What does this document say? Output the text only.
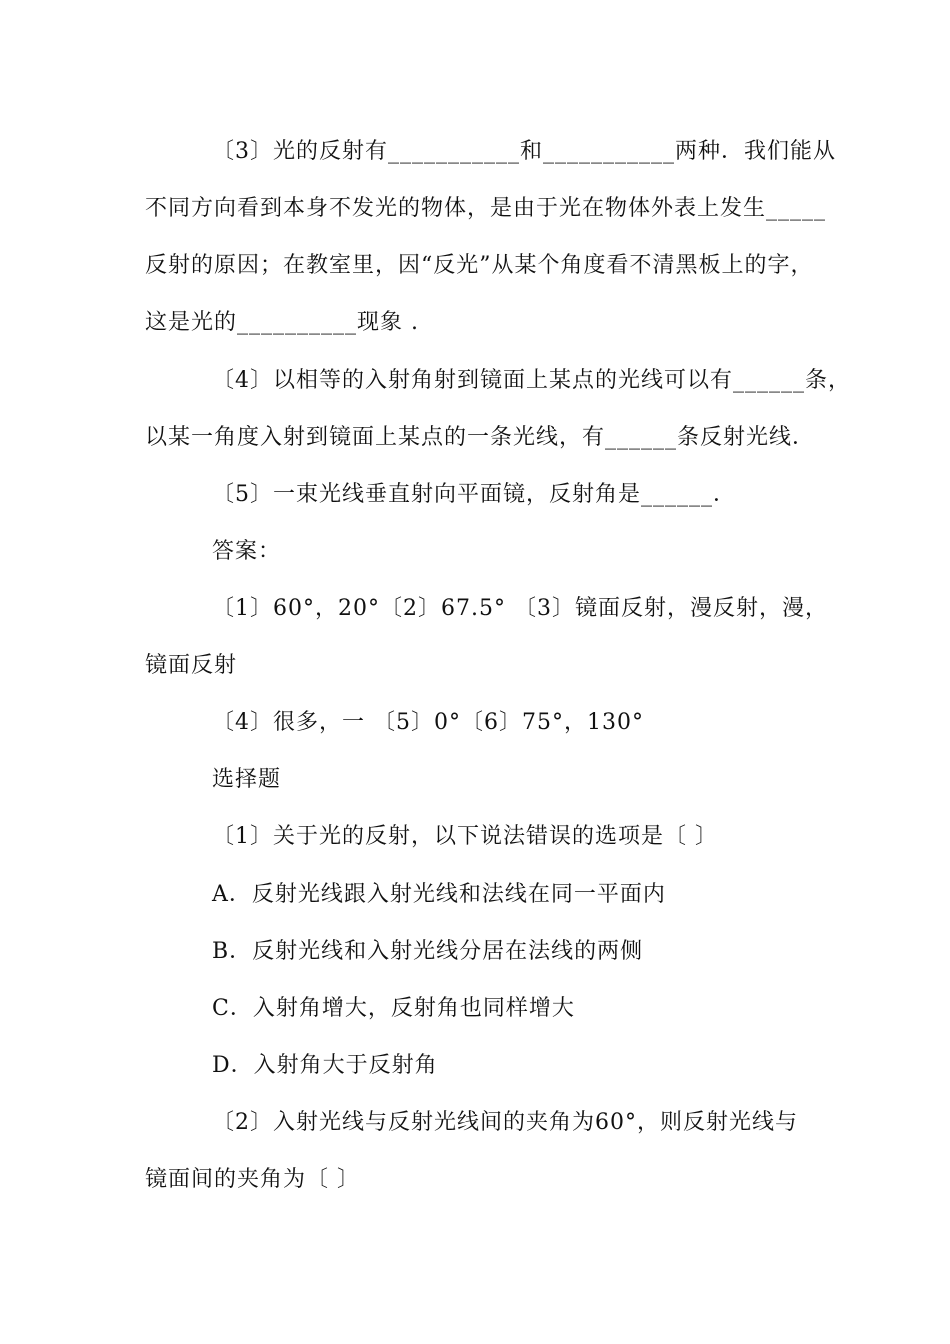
〔3〕光的反射有___________和___________两种．我们能从
不同方向看到本身不发光的物体，是由于光在物体外表上发生_____
反射的原因；在教室里，因“反光”从某个角度看不清黑板上的字，
这是光的__________现象 .
〔4〕以相等的入射角射到镜面上某点的光线可以有______条，
以某一角度入射到镜面上某点的一条光线，有______条反射光线．
〔5〕一束光线垂直射向平面镜，反射角是______．
答案：
〔1〕60°，20°〔2〕67.5° 〔3〕镜面反射，漫反射，漫，
镜面反射
〔4〕很多，一 〔5〕0°〔6〕75°，130°
选择题
〔1〕关于光的反射，以下说法错误的选项是〔 〕
A．反射光线跟入射光线和法线在同一平面内
B．反射光线和入射光线分居在法线的两侧
C．入射角增大，反射角也同样增大
D．入射角大于反射角
〔2〕入射光线与反射光线间的夹角为60°，则反射光线与
镜面间的夹角为〔 〕
